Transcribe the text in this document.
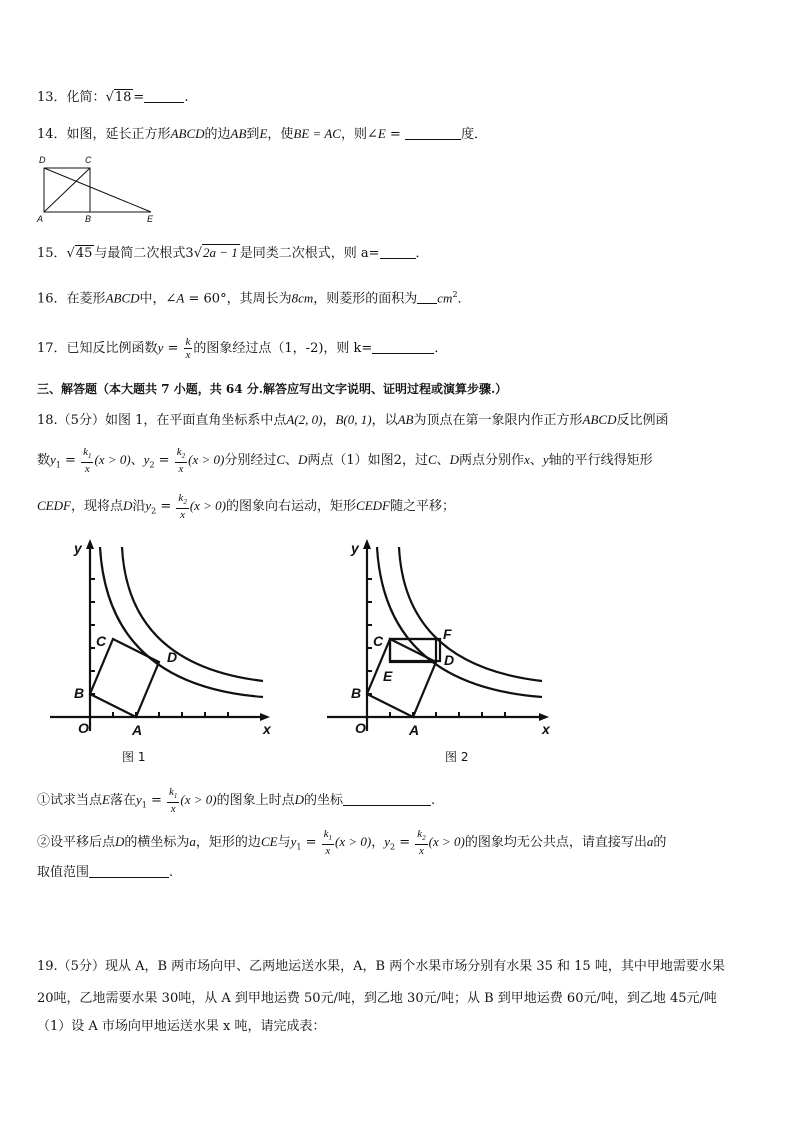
13．化简：√18 =	.
14．如图，延长正方形ABCD的边AB到E，使BE = AC，则∠E =	度．
D	C
A	B	E
15．√45 与最简二次根式3√2a − 1 是同类二次根式，则 a=	．
16．在菱形ABCD中，∠A = 60°，其周长为8cm，则菱形的面积为 $cm^2$．
17．已知反比例函数$y = \frac{k}{x}$ 的图象经过点（1，-2)，则 k=	．
三、解答题（本大题共 7 小题，共 64 分.解答应写出文字说明、证明过程或演算步骤.）
18.（5分）如图 1，在平面直角坐标系中点A(2, 0)，B(0, 1)，以AB为顶点在第一象限内作正方形ABCD反比例函
数$y_1 = \frac{k_1}{x} (x > 0)$、$y_2 = \frac{k_2}{x} (x > 0)$分别经过C、D两点（1）如图2，过C、D两点分别作x、y轴的平行线得矩形
CEDF，现将点D沿$y_2 = \frac{k_2}{x} (x > 0)$的图象向右运动，矩形CEDF随之平移；
y
x
O	A
B
C
D
图 1
y
x
O	A
B
C
E
F
D
图 2
①试求当点E落在$y_1 = \frac{k_1}{x} (x > 0)$的图象上时点D的坐标	.
②设平移后点D的横坐标为a，矩形的边CE与$y_1 = \frac{k_1}{x} (x > 0)$，$y_2 = \frac{k_2}{x} (x > 0)$的图象均无公共点，请直接写出a的
取值范围	.
19.（5分）现从 A，B 两市场向甲、乙两地运送水果，A，B 两个水果市场分别有水果 35 和 15 吨，其中甲地需要水果
20吨，乙地需要水果 30吨，从 A 到甲地运费 50元/吨，到乙地 30元/吨；从 B 到甲地运费 60元/吨，到乙地 45元/吨
（1）设 A 市场向甲地运送水果 x 吨，请完成表：
